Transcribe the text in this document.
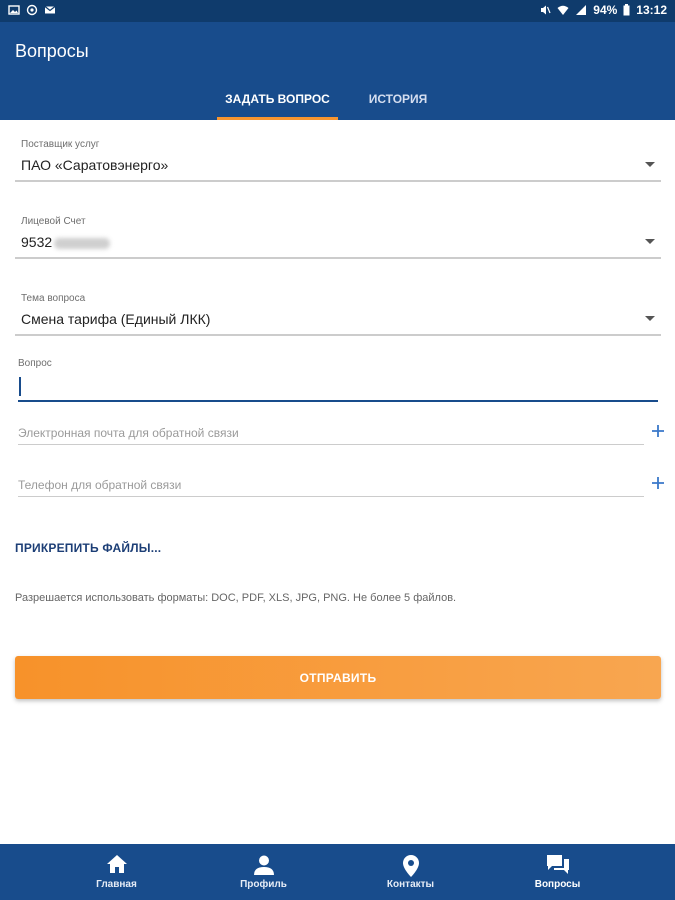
94% 13:12
Вопросы
ЗАДАТЬ ВОПРОС	ИСТОРИЯ
Поставщик услуг
ПАО «Саратовэнерго»
Лицевой Счет
9532
Тема вопроса
Смена тарифа (Единый ЛКК)
Вопрос
Электронная почта для обратной связи
Телефон для обратной связи
ПРИКРЕПИТЬ ФАЙЛЫ...
Разрешается использовать форматы: DOC, PDF, XLS, JPG, PNG. Не более 5 файлов.
ОТПРАВИТЬ
Главная	Профиль	Контакты	Вопросы
